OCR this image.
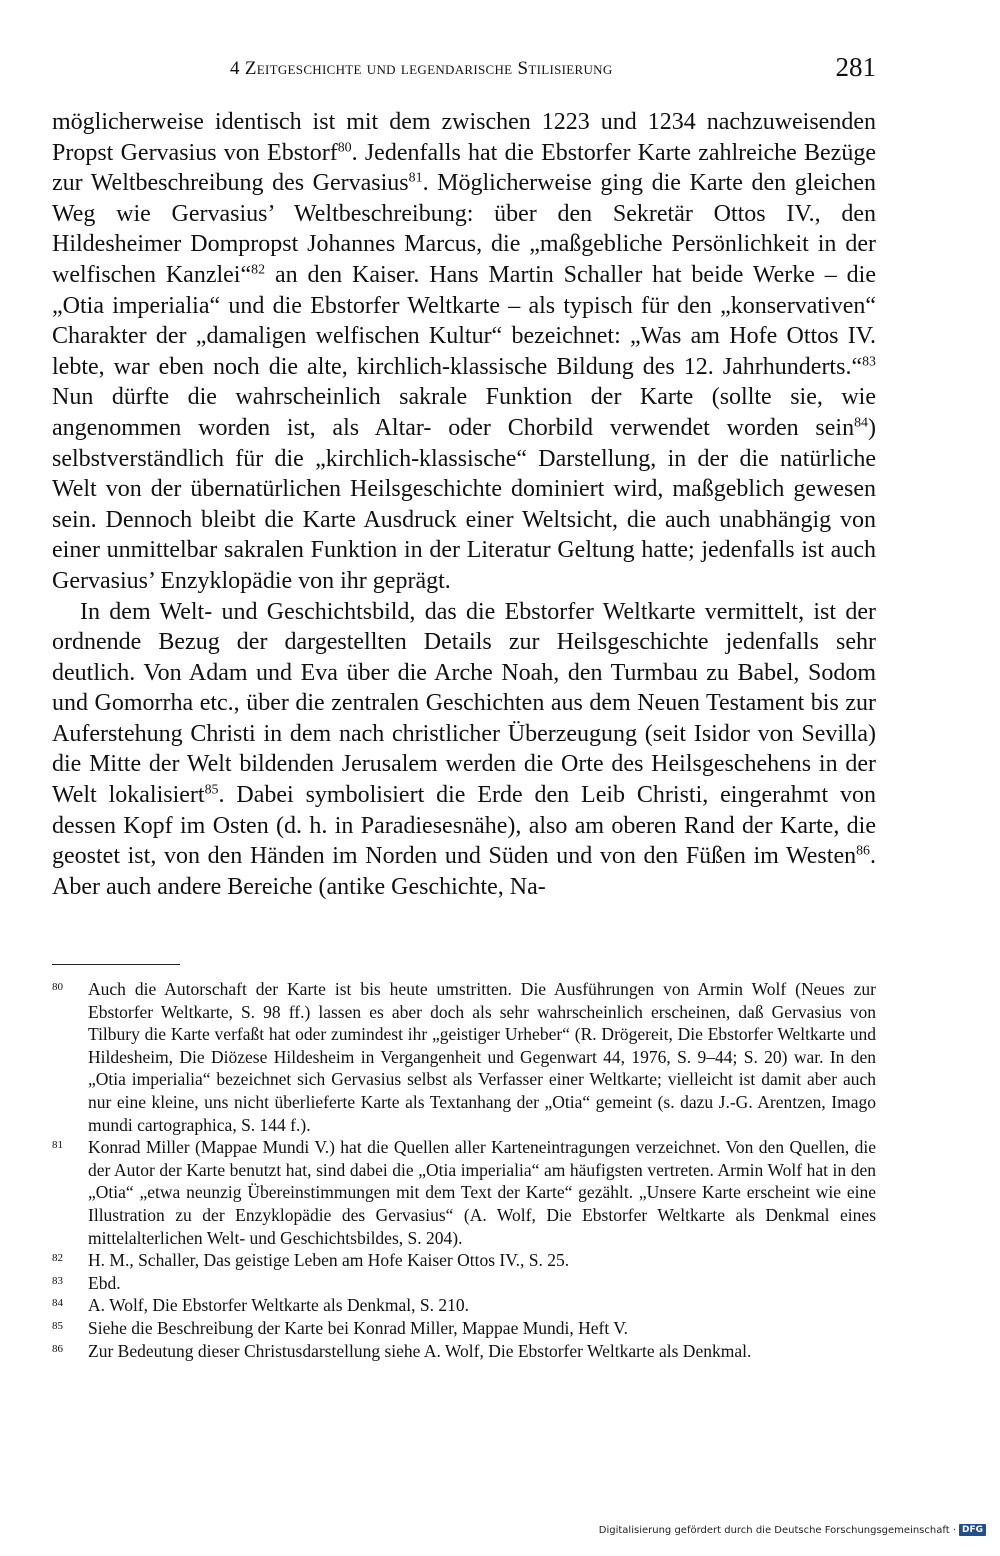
4 Zeitgeschichte und legendarische Stilisierung	281

möglicherweise identisch ist mit dem zwischen 1223 und 1234 nachzuweisenden Propst Gervasius von Ebstorf$^{80}$. Jedenfalls hat die Ebstorfer Karte zahlreiche Bezüge zur Weltbeschreibung des Gervasius$^{81}$. Möglicherweise ging die Karte den gleichen Weg wie Gervasius’ Weltbeschreibung: über den Sekretär Ottos IV., den Hildesheimer Dompropst Johannes Marcus, die „maßgebliche Persönlichkeit in der welfischen Kanzlei“$^{82}$ an den Kaiser. Hans Martin Schaller hat beide Werke – die „Otia imperialia“ und die Ebstorfer Weltkarte – als typisch für den „konservativen“ Charakter der „damaligen welfischen Kultur“ bezeichnet: „Was am Hofe Ottos IV. lebte, war eben noch die alte, kirchlich-klassische Bildung des 12. Jahrhunderts.“$^{83}$ Nun dürfte die wahrscheinlich sakrale Funktion der Karte (sollte sie, wie angenommen worden ist, als Altar- oder Chorbild verwendet worden sein$^{84}$) selbstverständlich für die „kirchlich-klassische“ Darstellung, in der die natürliche Welt von der übernatürlichen Heilsgeschichte dominiert wird, maßgeblich gewesen sein. Dennoch bleibt die Karte Ausdruck einer Weltsicht, die auch unabhängig von einer unmittelbar sakralen Funktion in der Literatur Geltung hatte; jedenfalls ist auch Gervasius’ Enzyklopädie von ihr geprägt.

In dem Welt- und Geschichtsbild, das die Ebstorfer Weltkarte vermittelt, ist der ordnende Bezug der dargestellten Details zur Heilsgeschichte jedenfalls sehr deutlich. Von Adam und Eva über die Arche Noah, den Turmbau zu Babel, Sodom und Gomorrha etc., über die zentralen Geschichten aus dem Neuen Testament bis zur Auferstehung Christi in dem nach christlicher Überzeugung (seit Isidor von Sevilla) die Mitte der Welt bildenden Jerusalem werden die Orte des Heilsgeschehens in der Welt lokalisiert$^{85}$. Dabei symbolisiert die Erde den Leib Christi, eingerahmt von dessen Kopf im Osten (d. h. in Paradiesesnähe), also am oberen Rand der Karte, die geostet ist, von den Händen im Norden und Süden und von den Füßen im Westen$^{86}$. Aber auch andere Bereiche (antike Geschichte, Na-

80	Auch die Autorschaft der Karte ist bis heute umstritten. Die Ausführungen von Armin Wolf (Neues zur Ebstorfer Weltkarte, S. 98 ff.) lassen es aber doch als sehr wahrscheinlich erscheinen, daß Gervasius von Tilbury die Karte verfaßt hat oder zumindest ihr „geistiger Urheber“ (R. Drögereit, Die Ebstorfer Weltkarte und Hildesheim, Die Diözese Hildesheim in Vergangenheit und Gegenwart 44, 1976, S. 9–44; S. 20) war. In den „Otia imperialia“ bezeichnet sich Gervasius selbst als Verfasser einer Weltkarte; vielleicht ist damit aber auch nur eine kleine, uns nicht überlieferte Karte als Textanhang der „Otia“ gemeint (s. dazu J.-G. Arentzen, Imago mundi cartographica, S. 144 f.).
81	Konrad Miller (Mappae Mundi V.) hat die Quellen aller Karteneintragungen verzeichnet. Von den Quellen, die der Autor der Karte benutzt hat, sind dabei die „Otia imperialia“ am häufigsten vertreten. Armin Wolf hat in den „Otia“ „etwa neunzig Übereinstimmungen mit dem Text der Karte“ gezählt. „Unsere Karte erscheint wie eine Illustration zu der Enzyklopädie des Gervasius“ (A. Wolf, Die Ebstorfer Weltkarte als Denkmal eines mittelalterlichen Welt- und Geschichtsbildes, S. 204).
82	H. M., Schaller, Das geistige Leben am Hofe Kaiser Ottos IV., S. 25.
83	Ebd.
84	A. Wolf, Die Ebstorfer Weltkarte als Denkmal, S. 210.
85	Siehe die Beschreibung der Karte bei Konrad Miller, Mappae Mundi, Heft V.
86	Zur Bedeutung dieser Christusdarstellung siehe A. Wolf, Die Ebstorfer Weltkarte als Denkmal.
Digitalisierung gefördert durch die Deutsche Forschungsgemeinschaft · DFG
